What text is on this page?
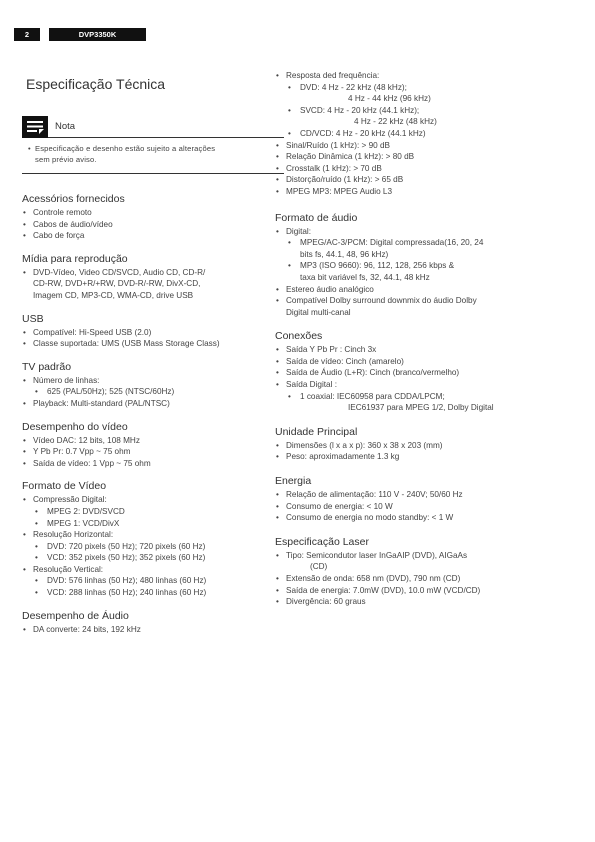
2	DVP3350K
Especificação Técnica
Nota
• Especificação e desenho estão sujeito a alterações
sem prévio aviso.
Acessórios fornecidos
• Controle remoto
• Cabos de áudio/vídeo
• Cabo de força
Mídia para reprodução
• DVD-Vídeo, Video CD/SVCD, Audio CD, CD-R/
CD-RW, DVD+R/+RW, DVD-R/-RW, DivX-CD,
Imagem CD, MP3-CD, WMA-CD, drive USB
USB
• Compatível: Hi-Speed USB (2.0)
• Classe suportada: UMS (USB Mass Storage Class)
TV padrão
• Número de linhas:
• 625 (PAL/50Hz); 525 (NTSC/60Hz)
• Playback: Multi-standard (PAL/NTSC)
Desempenho do vídeo
• Vídeo DAC: 12 bits, 108 MHz
• Y Pb Pr: 0.7 Vpp ~ 75 ohm
• Saída de vídeo: 1 Vpp ~ 75 ohm
Formato de Vídeo
• Compressão Digital:
• MPEG 2: DVD/SVCD
• MPEG 1: VCD/DivX
• Resolução Horizontal:
• DVD: 720 pixels (50 Hz); 720 pixels (60 Hz)
• VCD: 352 pixels (50 Hz); 352 pixels (60 Hz)
• Resolução Vertical:
• DVD: 576 linhas (50 Hz); 480 linhas (60 Hz)
• VCD: 288 linhas (50 Hz); 240 linhas (60 Hz)
Desempenho de Áudio
• DA converte: 24 bits, 192 kHz
• Resposta ded frequência:
• DVD: 4 Hz - 22 kHz (48 kHz);
4 Hz - 44 kHz (96 kHz)
• SVCD: 4 Hz - 20 kHz (44.1 kHz);
4 Hz - 22 kHz (48 kHz)
• CD/VCD: 4 Hz - 20 kHz (44.1 kHz)
• Sinal/Ruído (1 kHz): > 90 dB
• Relação Dinâmica (1 kHz): > 80 dB
• Crosstalk (1 kHz): > 70 dB
• Distorção/ruído (1 kHz): > 65 dB
• MPEG MP3: MPEG Audio L3
Formato de áudio
• Digital:
• MPEG/AC-3/PCM: Digital compressada(16, 20, 24
bits fs, 44.1, 48, 96 kHz)
• MP3 (ISO 9660): 96, 112, 128, 256 kbps &
taxa bit variável fs, 32, 44.1, 48 kHz
• Estereo áudio analógico
• Compatível Dolby surround downmix do áudio Dolby
Digital multi-canal
Conexões
• Saída Y Pb Pr : Cinch 3x
• Saída de vídeo: Cinch (amarelo)
• Saída de Áudio (L+R): Cinch (branco/vermelho)
• Saída Digital :
• 1 coaxial: IEC60958 para CDDA/LPCM;
IEC61937 para MPEG 1/2, Dolby Digital
Unidade Principal
• Dimensões (l x a x p): 360 x 38 x 203 (mm)
• Peso: aproximadamente 1.3 kg
Energia
• Relação de alimentação: 110 V - 240V; 50/60 Hz
• Consumo de energia: < 10 W
• Consumo de energia no modo standby: < 1 W
Especificação Laser
• Tipo: Semicondutor laser InGaAIP (DVD), AIGaAs
(CD)
• Extensão de onda: 658 nm (DVD), 790 nm (CD)
• Saída de energia: 7.0mW (DVD), 10.0 mW (VCD/CD)
• Divergência: 60 graus
